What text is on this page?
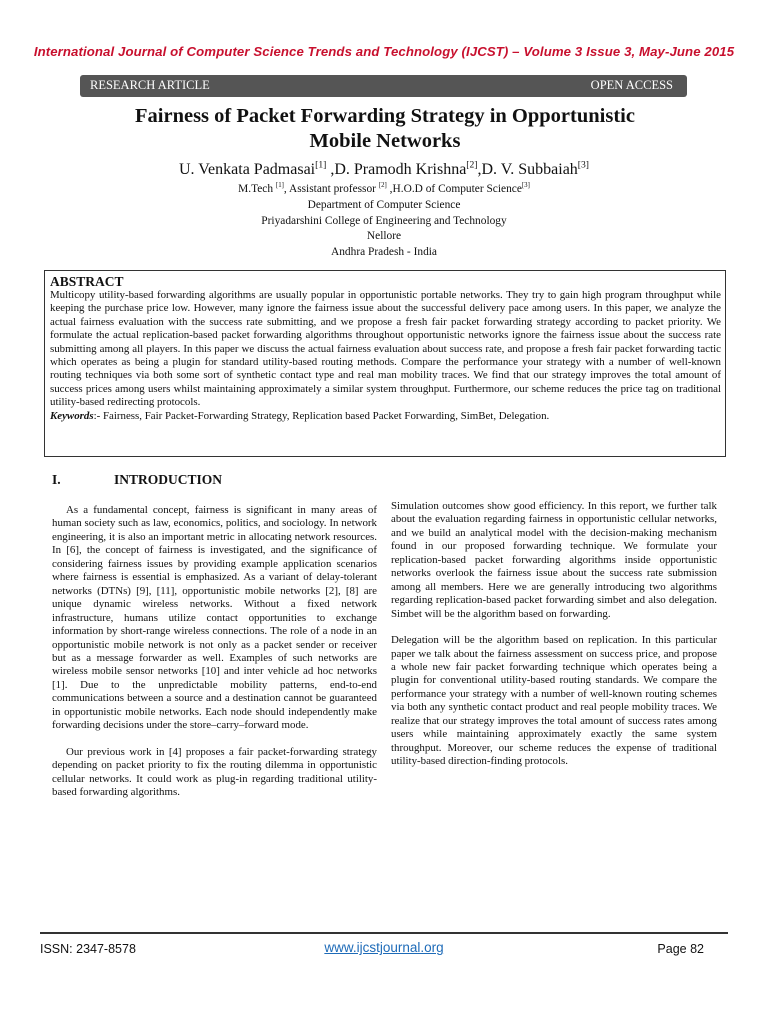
International Journal of Computer Science Trends and Technology (IJCST) – Volume 3 Issue 3, May-June 2015
RESEARCH ARTICLE	OPEN ACCESS
Fairness of Packet Forwarding Strategy in Opportunistic
Mobile Networks
U. Venkata Padmasai[1] ,D. Pramodh Krishna[2],D. V. Subbaiah[3]
M.Tech [1], Assistant professor [2] ,H.O.D of Computer Science[3]
Department of Computer Science
Priyadarshini College of Engineering and Technology
Nellore
Andhra Pradesh - India
ABSTRACT
Multicopy utility-based forwarding algorithms are usually popular in opportunistic portable networks. They try to gain high program throughput while keeping the purchase price low. However, many ignore the fairness issue about the successful delivery pace among users. In this paper, we analyze the actual fairness evaluation with the success rate submitting, and we propose a fresh fair packet forwarding strategy according to packet priority. We formulate the actual replication-based packet forwarding algorithms throughout opportunistic networks ignore the fairness issue about the success rate submitting among all players. In this paper we discuss the actual fairness evaluation about success rate, and propose a fresh fair packet forwarding tactic which operates as being a plugin for standard utility-based routing methods. Compare the performance your strategy with a number of well-known routing techniques via both some sort of synthetic contact type and real man mobility traces. We find that our strategy improves the total amount of success prices among users whilst maintaining approximately a similar system throughput. Furthermore, our scheme reduces the price tag on traditional utility-based redirecting protocols.
Keywords:- Fairness, Fair Packet-Forwarding Strategy, Replication based Packet Forwarding, SimBet, Delegation.
I.	INTRODUCTION

As a fundamental concept, fairness is significant in many areas of human society such as law, economics, politics, and sociology. In network engineering, it is also an important metric in allocating network resources. In [6], the concept of fairness is investigated, and the significance of considering fairness issues by providing example application scenarios where fairness is essential is emphasized. As a variant of delay-tolerant networks (DTNs) [9], [11], opportunistic mobile networks [2], [8] are unique dynamic wireless networks. Without a fixed network infrastructure, humans utilize contact opportunities to exchange information by short-range wireless connections. The role of a node in an opportunistic mobile network is not only as a packet sender or receiver but as a message forwarder as well. Examples of such networks are wireless mobile sensor networks [10] and inter vehicle ad hoc networks [1]. Due to the unpredictable mobility patterns, end-to-end communications between a source and a destination cannot be guaranteed in opportunistic mobile networks. Each node should independently make forwarding decisions under the store–carry–forward mode.

Our previous work in [4] proposes a fair packet-forwarding strategy depending on packet priority to fix the routing dilemma in opportunistic cellular networks. It could work as plug-in regarding traditional utility-based forwarding algorithms.

Simulation outcomes show good efficiency. In this report, we further talk about the evaluation regarding fairness in opportunistic cellular networks, and we build an analytical model with the decision-making mechanism found in our proposed forwarding technique. We formulate your replication-based packet forwarding algorithms inside opportunistic networks overlook the fairness issue about the success rate submission among all members. Here we are generally introducing two algorithms regarding replication-based packet forwarding simbet and also delegation. Simbet will be the algorithm based on forwarding.

Delegation will be the algorithm based on replication. In this particular paper we talk about the fairness assessment on success price, and propose a whole new fair packet forwarding technique which operates being a plugin for conventional utility-based routing standards. We compare the performance your strategy with a number of well-known routing schemes via both any synthetic contact product and real people mobility traces. We realize that our strategy improves the total amount of success rates among users while maintaining approximately exactly the same system throughput. Moreover, our scheme reduces the expense of traditional utility-based direction-finding protocols.

ISSN: 2347-8578	www.ijcstjournal.org	Page 82
